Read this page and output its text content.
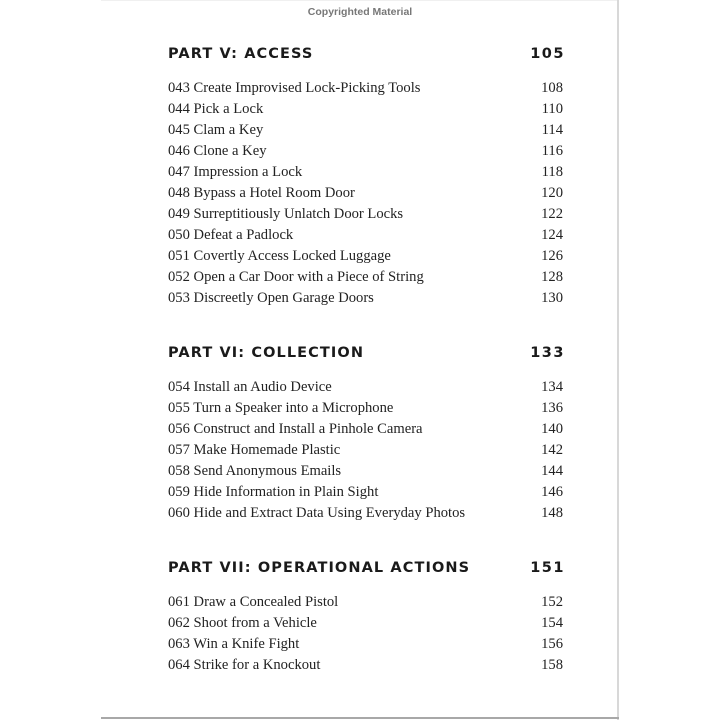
Copyrighted Material
PART V: ACCESS	105
043 Create Improvised Lock-Picking Tools	108
044 Pick a Lock	110
045 Clam a Key	114
046 Clone a Key	116
047 Impression a Lock	118
048 Bypass a Hotel Room Door	120
049 Surreptitiously Unlatch Door Locks	122
050 Defeat a Padlock	124
051 Covertly Access Locked Luggage	126
052 Open a Car Door with a Piece of String	128
053 Discreetly Open Garage Doors	130
PART VI: COLLECTION	133
054 Install an Audio Device	134
055 Turn a Speaker into a Microphone	136
056 Construct and Install a Pinhole Camera	140
057 Make Homemade Plastic	142
058 Send Anonymous Emails	144
059 Hide Information in Plain Sight	146
060 Hide and Extract Data Using Everyday Photos	148
PART VII: OPERATIONAL ACTIONS	151
061 Draw a Concealed Pistol	152
062 Shoot from a Vehicle	154
063 Win a Knife Fight	156
064 Strike for a Knockout	158
